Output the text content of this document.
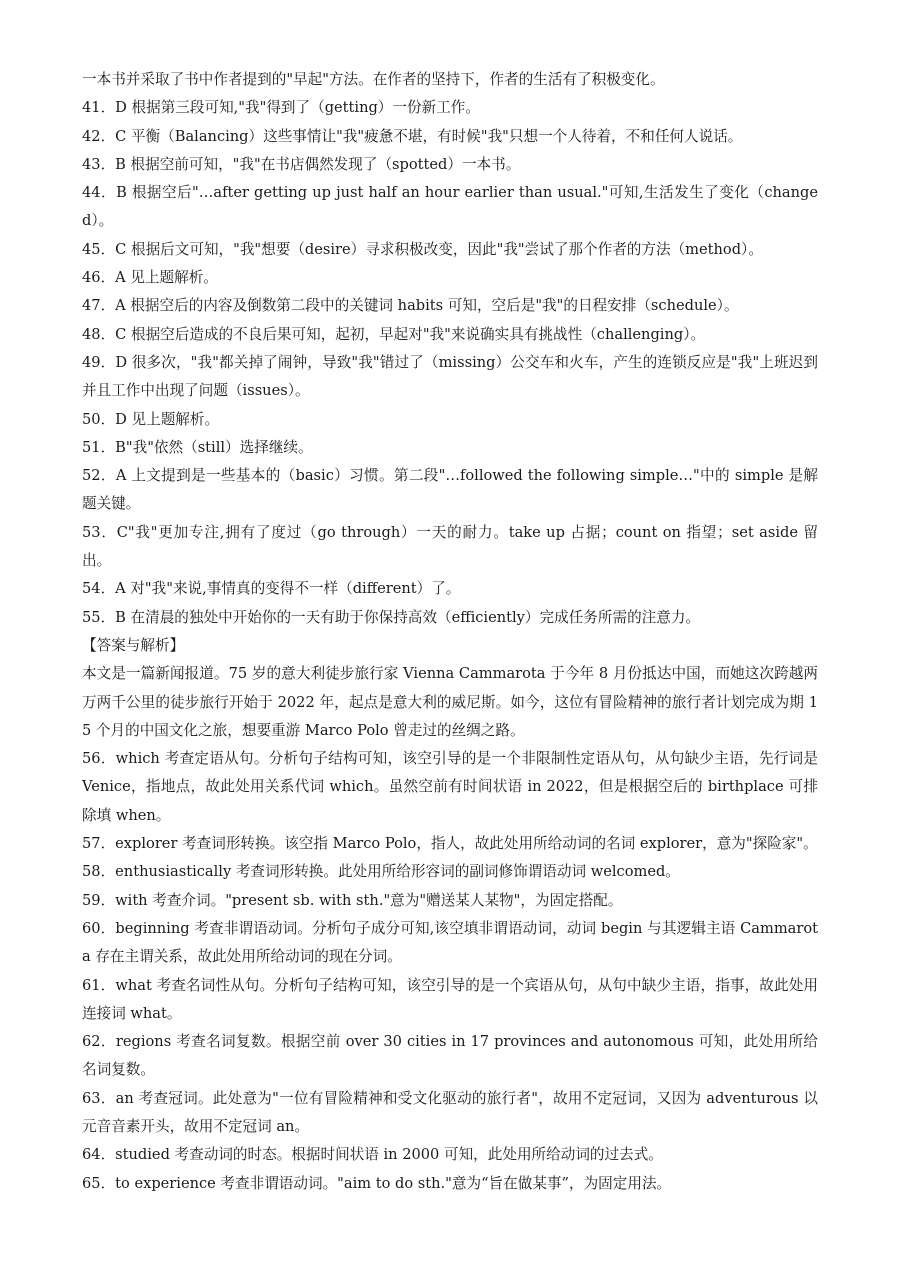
一本书并采取了书中作者提到的"早起"方法。在作者的坚持下，作者的生活有了积极变化。

41．D 根据第三段可知,"我"得到了（getting）一份新工作。

42．C 平衡（Balancing）这些事情让"我"疲惫不堪，有时候"我"只想一个人待着，不和任何人说话。

43．B 根据空前可知，"我"在书店偶然发现了（spotted）一本书。

44．B 根据空后"…after getting up just half an hour earlier than usual."可知,生活发生了变化（changed）。

45．C 根据后文可知，"我"想要（desire）寻求积极改变，因此"我"尝试了那个作者的方法（method）。

46．A 见上题解析。

47．A 根据空后的内容及倒数第二段中的关键词 habits 可知，空后是"我"的日程安排（schedule）。

48．C 根据空后造成的不良后果可知，起初，早起对"我"来说确实具有挑战性（challenging）。

49．D 很多次，"我"都关掉了闹钟，导致"我"错过了（missing）公交车和火车，产生的连锁反应是"我"上班迟到并且工作中出现了问题（issues）。

50．D 见上题解析。

51．B"我"依然（still）选择继续。

52．A 上文提到是一些基本的（basic）习惯。第二段"…followed the following simple…"中的 simple 是解题关键。

53．C"我"更加专注,拥有了度过（go through）一天的耐力。take up 占据；count on 指望；set aside 留出。

54．A 对"我"来说,事情真的变得不一样（different）了。

55．B 在清晨的独处中开始你的一天有助于你保持高效（efficiently）完成任务所需的注意力。

【答案与解析】

本文是一篇新闻报道。75 岁的意大利徒步旅行家 Vienna Cammarota 于今年 8 月份抵达中国，而她这次跨越两万两千公里的徒步旅行开始于 2022 年，起点是意大利的威尼斯。如今，这位有冒险精神的旅行者计划完成为期 15 个月的中国文化之旅，想要重游 Marco Polo 曾走过的丝绸之路。

56．which 考查定语从句。分析句子结构可知，该空引导的是一个非限制性定语从句，从句缺少主语，先行词是 Venice，指地点，故此处用关系代词 which。虽然空前有时间状语 in 2022，但是根据空后的 birthplace 可排除填 when。

57．explorer 考查词形转换。该空指 Marco Polo，指人，故此处用所给动词的名词 explorer，意为"探险家"。

58．enthusiastically 考查词形转换。此处用所给形容词的副词修饰谓语动词 welcomed。

59．with 考查介词。"present sb. with sth."意为"赠送某人某物"，为固定搭配。

60．beginning 考查非谓语动词。分析句子成分可知,该空填非谓语动词，动词 begin 与其逻辑主语 Cammarota 存在主谓关系，故此处用所给动词的现在分词。

61．what 考查名词性从句。分析句子结构可知，该空引导的是一个宾语从句，从句中缺少主语，指事，故此处用连接词 what。

62．regions 考查名词复数。根据空前 over 30 cities in 17 provinces and autonomous 可知，此处用所给名词复数。

63．an 考查冠词。此处意为"一位有冒险精神和受文化驱动的旅行者"，故用不定冠词，又因为 adventurous 以元音音素开头，故用不定冠词 an。

64．studied 考查动词的时态。根据时间状语 in 2000 可知，此处用所给动词的过去式。

65．to experience 考查非谓语动词。"aim to do sth."意为“旨在做某事”，为固定用法。
